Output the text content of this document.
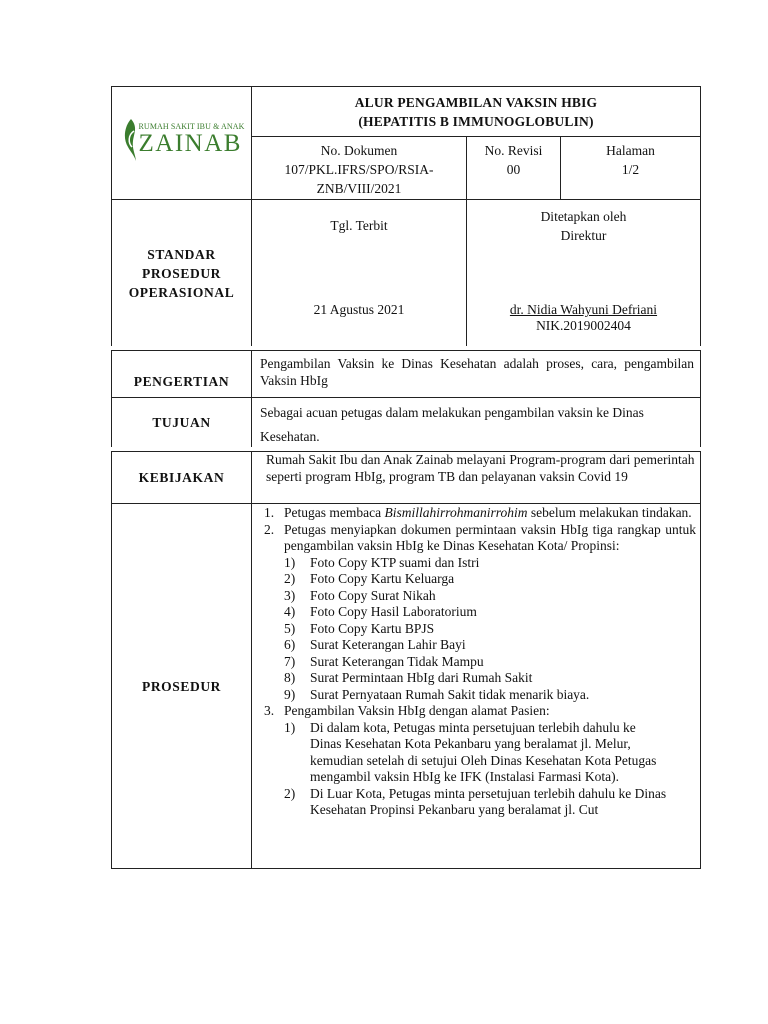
RUMAH SAKIT IBU & ANAK
ZAINAB
ALUR PENGAMBILAN VAKSIN HBIG
(HEPATITIS B IMMUNOGLOBULIN)
No. Dokumen
107/PKL.IFRS/SPO/RSIA-
ZNB/VIII/2021
No. Revisi
00
Halaman
1/2
STANDAR
PROSEDUR
OPERASIONAL
Tgl. Terbit
21 Agustus 2021
Ditetapkan oleh
Direktur
dr. Nidia Wahyuni Defriani
NIK.2019002404
PENGERTIAN
Pengambilan Vaksin ke Dinas Kesehatan adalah proses, cara, pengambilan Vaksin HbIg
TUJUAN
Sebagai acuan petugas dalam melakukan pengambilan vaksin ke Dinas
Kesehatan.
KEBIJAKAN
Rumah Sakit Ibu dan Anak Zainab melayani Program-program dari pemerintah seperti program HbIg, program TB dan pelayanan vaksin Covid 19
PROSEDUR
1. Petugas membaca Bismillahirrohmanirrohim sebelum melakukan tindakan.
2. Petugas menyiapkan dokumen permintaan vaksin HbIg tiga rangkap untuk pengambilan vaksin HbIg ke Dinas Kesehatan Kota/ Propinsi:
1) Foto Copy KTP suami dan Istri
2) Foto Copy Kartu Keluarga
3) Foto Copy Surat Nikah
4) Foto Copy Hasil Laboratorium
5) Foto Copy Kartu BPJS
6) Surat Keterangan Lahir Bayi
7) Surat Keterangan Tidak Mampu
8) Surat Permintaan HbIg dari Rumah Sakit
9) Surat Pernyataan Rumah Sakit tidak menarik biaya.
3. Pengambilan Vaksin HbIg dengan alamat Pasien:
1) Di dalam kota, Petugas minta persetujuan terlebih dahulu ke Dinas Kesehatan Kota Pekanbaru yang beralamat jl. Melur, kemudian setelah di setujui Oleh Dinas Kesehatan Kota Petugas mengambil vaksin HbIg ke IFK (Instalasi Farmasi Kota).
2) Di Luar Kota, Petugas minta persetujuan terlebih dahulu ke Dinas Kesehatan Propinsi Pekanbaru yang beralamat jl. Cut
